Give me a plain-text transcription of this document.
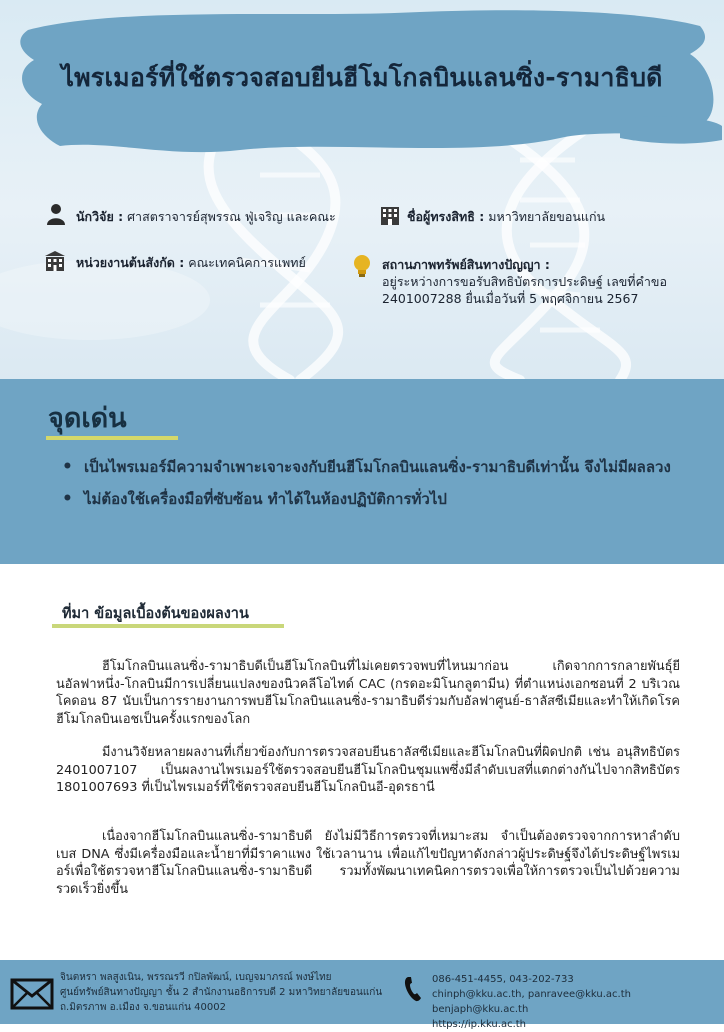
ไพรเมอร์ที่ใช้ตรวจสอบยีนฮีโมโกลบินแลนซิ่ง-รามาธิบดี
นักวิจัย : ศาสตราจารย์สุพรรณ ฟู่เจริญ และคณะ	ชื่อผู้ทรงสิทธิ : มหาวิทยาลัยขอนแก่น
หน่วยงานต้นสังกัด : คณะเทคนิคการแพทย์	สถานภาพทรัพย์สินทางปัญญา :
อยู่ระหว่างการขอรับสิทธิบัตรการประดิษฐ์ เลขที่คำขอ
2401007288 ยื่นเมื่อวันที่ 5 พฤศจิกายน 2567
จุดเด่น
• เป็นไพรเมอร์มีความจำเพาะเจาะจงกับยีนฮีโมโกลบินแลนซิ่ง-รามาธิบดีเท่านั้น จึงไม่มีผลลวง
• ไม่ต้องใช้เครื่องมือที่ซับซ้อน ทำได้ในห้องปฏิบัติการทั่วไป
ที่มา ข้อมูลเบื้องต้นของผลงาน

ฮีโมโกลบินแลนซิ่ง-รามาธิบดีเป็นฮีโมโกลบินที่ไม่เคยตรวจพบที่ไหนมาก่อน เกิดจากการกลายพันธุ์ยีนอัลฟาหนึ่ง-โกลบินมีการเปลี่ยนแปลงของนิวคลีโอไทด์ CAC (กรดอะมิโนกลูตามีน) ที่ตำแหน่งเอกซอนที่ 2 บริเวณโคดอน 87 นับเป็นการรายงานการพบฮีโมโกลบินแลนซิ่ง-รามาธิบดีร่วมกับอัลฟาศูนย์-ธาลัสซีเมียและทำให้เกิดโรคฮีโมโกลบินเอชเป็นครั้งแรกของโลก

มีงานวิจัยหลายผลงานที่เกี่ยวข้องกับการตรวจสอบยีนธาลัสซีเมียและฮีโมโกลบินที่ผิดปกติ เช่น อนุสิทธิบัตร 2401007107 เป็นผลงานไพรเมอร์ใช้ตรวจสอบยีนฮีโมโกลบินชุมแพซึ่งมีลำดับเบสที่แตกต่างกันไปจากสิทธิบัตร 1801007693 ที่เป็นไพรเมอร์ที่ใช้ตรวจสอบยีนฮีโมโกลบินอี-อุดรธานี

เนื่องจากฮีโมโกลบินแลนซิ่ง-รามาธิบดี ยังไม่มีวิธีการตรวจที่เหมาะสม จำเป็นต้องตรวจจากการหาลำดับเบส DNA ซึ่งมีเครื่องมือและน้ำยาที่มีราคาแพง ใช้เวลานาน เพื่อแก้ไขปัญหาดังกล่าวผู้ประดิษฐ์จึงได้ประดิษฐ์ไพรเมอร์เพื่อใช้ตรวจหาฮีโมโกลบินแลนซิ่ง-รามาธิบดี รวมทั้งพัฒนาเทคนิคการตรวจเพื่อให้การตรวจเป็นไปด้วยความรวดเร็วยิ่งขึ้น

จินตหรา พลสูงเนิน, พรรณรวี กปิลพัฒน์, เบญจมาภรณ์ พงษ์ไทย
ศูนย์ทรัพย์สินทางปัญญา ชั้น 2 สำนักงานอธิการบดี 2 มหาวิทยาลัยขอนแก่น
ถ.มิตรภาพ อ.เมือง จ.ขอนแก่น 40002
086-451-4455, 043-202-733
chinph@kku.ac.th, panravee@kku.ac.th benjaph@kku.ac.th
https://ip.kku.ac.th
